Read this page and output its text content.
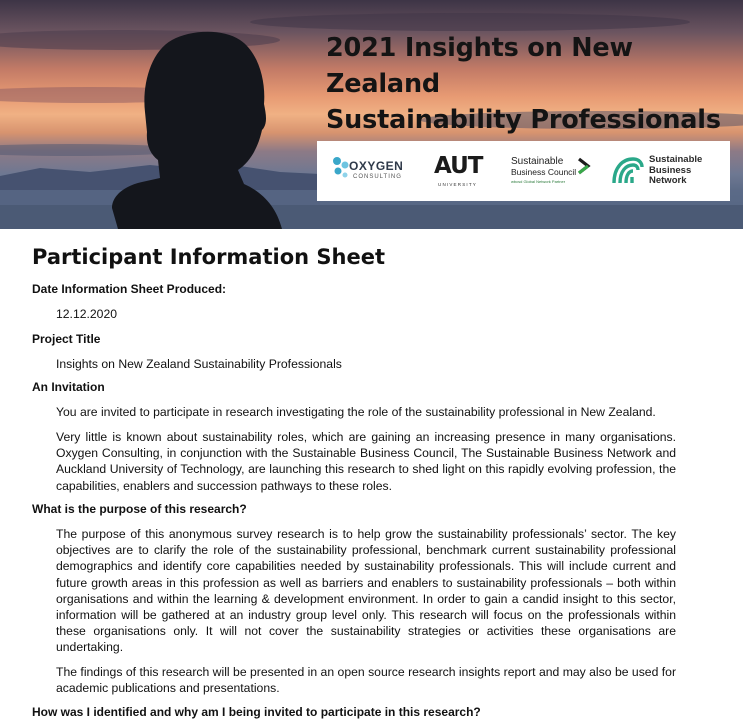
2021 Insights on New Zealand
Sustainability Professionals
OXYGEN
CONSULTING AUT
UNIVERSITY
Sustainable
Business Council
wbcsd Global Network Partner
Sustainable
Business
Network
Participant Information Sheet
Date Information Sheet Produced:
12.12.2020
Project Title
Insights on New Zealand Sustainability Professionals
An Invitation
You are invited to participate in research investigating the role of the sustainability professional in New Zealand.
Very little is known about sustainability roles, which are gaining an increasing presence in many organisations. Oxygen Consulting, in conjunction with the Sustainable Business Council, The Sustainable Business Network and Auckland University of Technology, are launching this research to shed light on this rapidly evolving profession, the capabilities, enablers and succession pathways to these roles.
What is the purpose of this research?
The purpose of this anonymous survey research is to help grow the sustainability professionals’ sector. The key objectives are to clarify the role of the sustainability professional, benchmark current sustainability professional demographics and identify core capabilities needed by sustainability professionals. This will include current and future growth areas in this profession as well as barriers and enablers to sustainability professionals – both within organisations and within the learning & development environment. In order to gain a candid insight to this sector, information will be gathered at an industry group level only. This research will focus on the professionals within these organisations only. It will not cover the sustainability strategies or activities these organisations are undertaking.
The findings of this research will be presented in an open source research insights report and may also be used for academic publications and presentations.
How was I identified and why am I being invited to participate in this research?
